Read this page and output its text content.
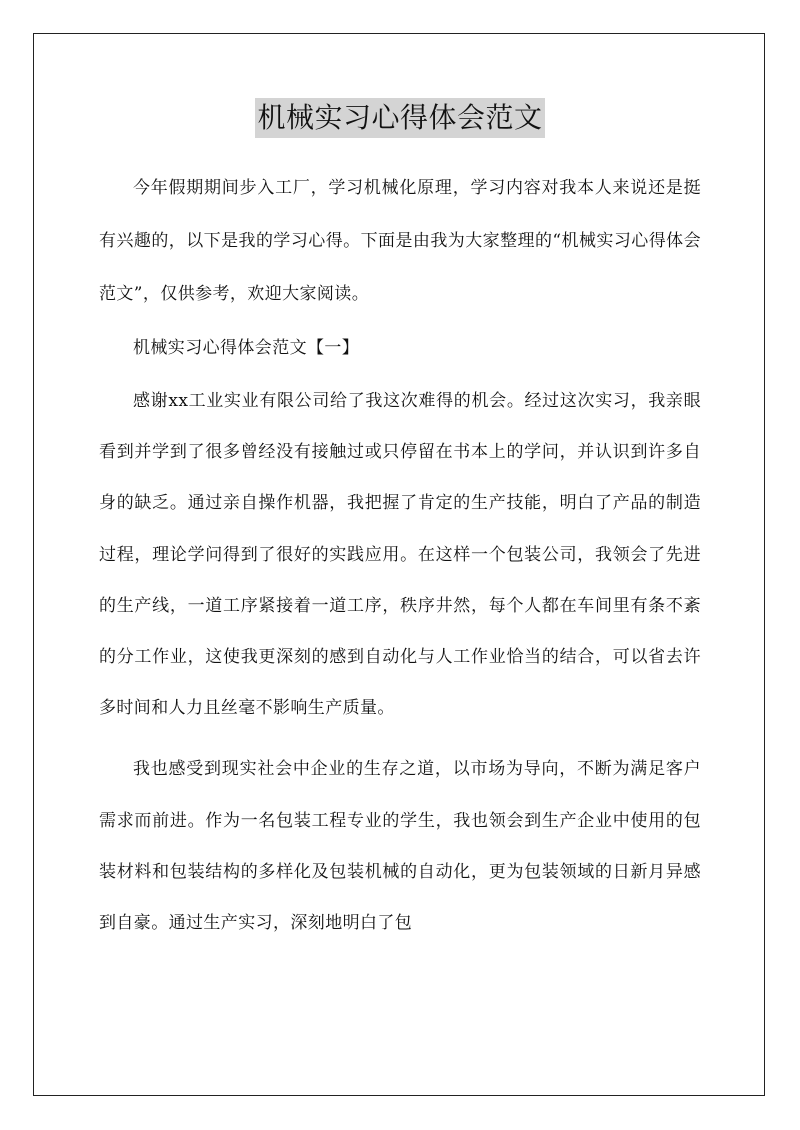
机械实习心得体会范文

今年假期期间步入工厂，学习机械化原理，学习内容对我本人来说还是挺有兴趣的，以下是我的学习心得。下面是由我为大家整理的“机械实习心得体会范文”，仅供参考，欢迎大家阅读。

机械实习心得体会范文【一】

感谢xx工业实业有限公司给了我这次难得的机会。经过这次实习，我亲眼看到并学到了很多曾经没有接触过或只停留在书本上的学问，并认识到许多自身的缺乏。通过亲自操作机器，我把握了肯定的生产技能，明白了产品的制造过程，理论学问得到了很好的实践应用。在这样一个包装公司，我领会了先进的生产线，一道工序紧接着一道工序，秩序井然，每个人都在车间里有条不紊的分工作业，这使我更深刻的感到自动化与人工作业恰当的结合，可以省去许多时间和人力且丝毫不影响生产质量。

我也感受到现实社会中企业的生存之道，以市场为导向，不断为满足客户需求而前进。作为一名包装工程专业的学生，我也领会到生产企业中使用的包装材料和包装结构的多样化及包装机械的自动化，更为包装领域的日新月异感到自豪。通过生产实习，深刻地明白了包
